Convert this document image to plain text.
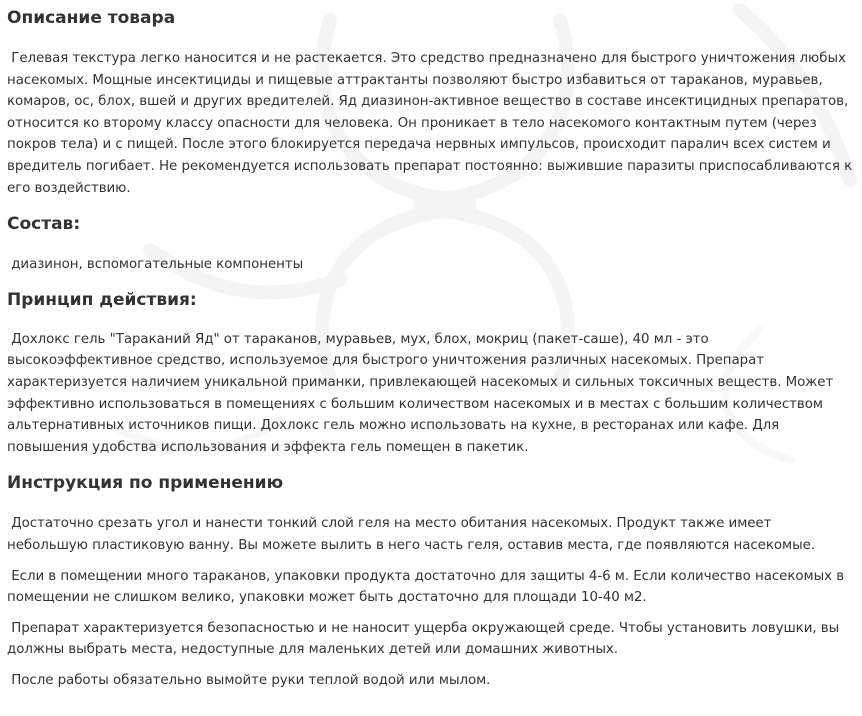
Описание товара

Гелевая текстура легко наносится и не растекается. Это средство предназначено для быстрого уничтожения любых насекомых. Мощные инсектициды и пищевые аттрактанты позволяют быстро избавиться от тараканов, муравьев, комаров, ос, блох, вшей и других вредителей. Яд диазинон-активное вещество в составе инсектицидных препаратов, относится ко второму классу опасности для человека. Он проникает в тело насекомого контактным путем (через покров тела) и с пищей. После этого блокируется передача нервных импульсов, происходит паралич всех систем и вредитель погибает. Не рекомендуется использовать препарат постоянно: выжившие паразиты приспосабливаются к его воздействию.

Состав:

диазинон, вспомогательные компоненты

Принцип действия:

Дохлокс гель "Тараканий Яд" от тараканов, муравьев, мух, блох, мокриц (пакет-саше), 40 мл - это высокоэффективное средство, используемое для быстрого уничтожения различных насекомых. Препарат характеризуется наличием уникальной приманки, привлекающей насекомых и сильных токсичных веществ. Может эффективно использоваться в помещениях с большим количеством насекомых и в местах с большим количеством альтернативных источников пищи. Дохлокс гель можно использовать на кухне, в ресторанах или кафе. Для повышения удобства использования и эффекта гель помещен в пакетик.

Инструкция по применению

Достаточно срезать угол и нанести тонкий слой геля на место обитания насекомых. Продукт также имеет небольшую пластиковую ванну. Вы можете вылить в него часть геля, оставив места, где появляются насекомые.

Если в помещении много тараканов, упаковки продукта достаточно для защиты 4-6 м. Если количество насекомых в помещении не слишком велико, упаковки может быть достаточно для площади 10-40 м2.

Препарат характеризуется безопасностью и не наносит ущерба окружающей среде. Чтобы установить ловушки, вы должны выбрать места, недоступные для маленьких детей или домашних животных.

После работы обязательно вымойте руки теплой водой или мылом.
